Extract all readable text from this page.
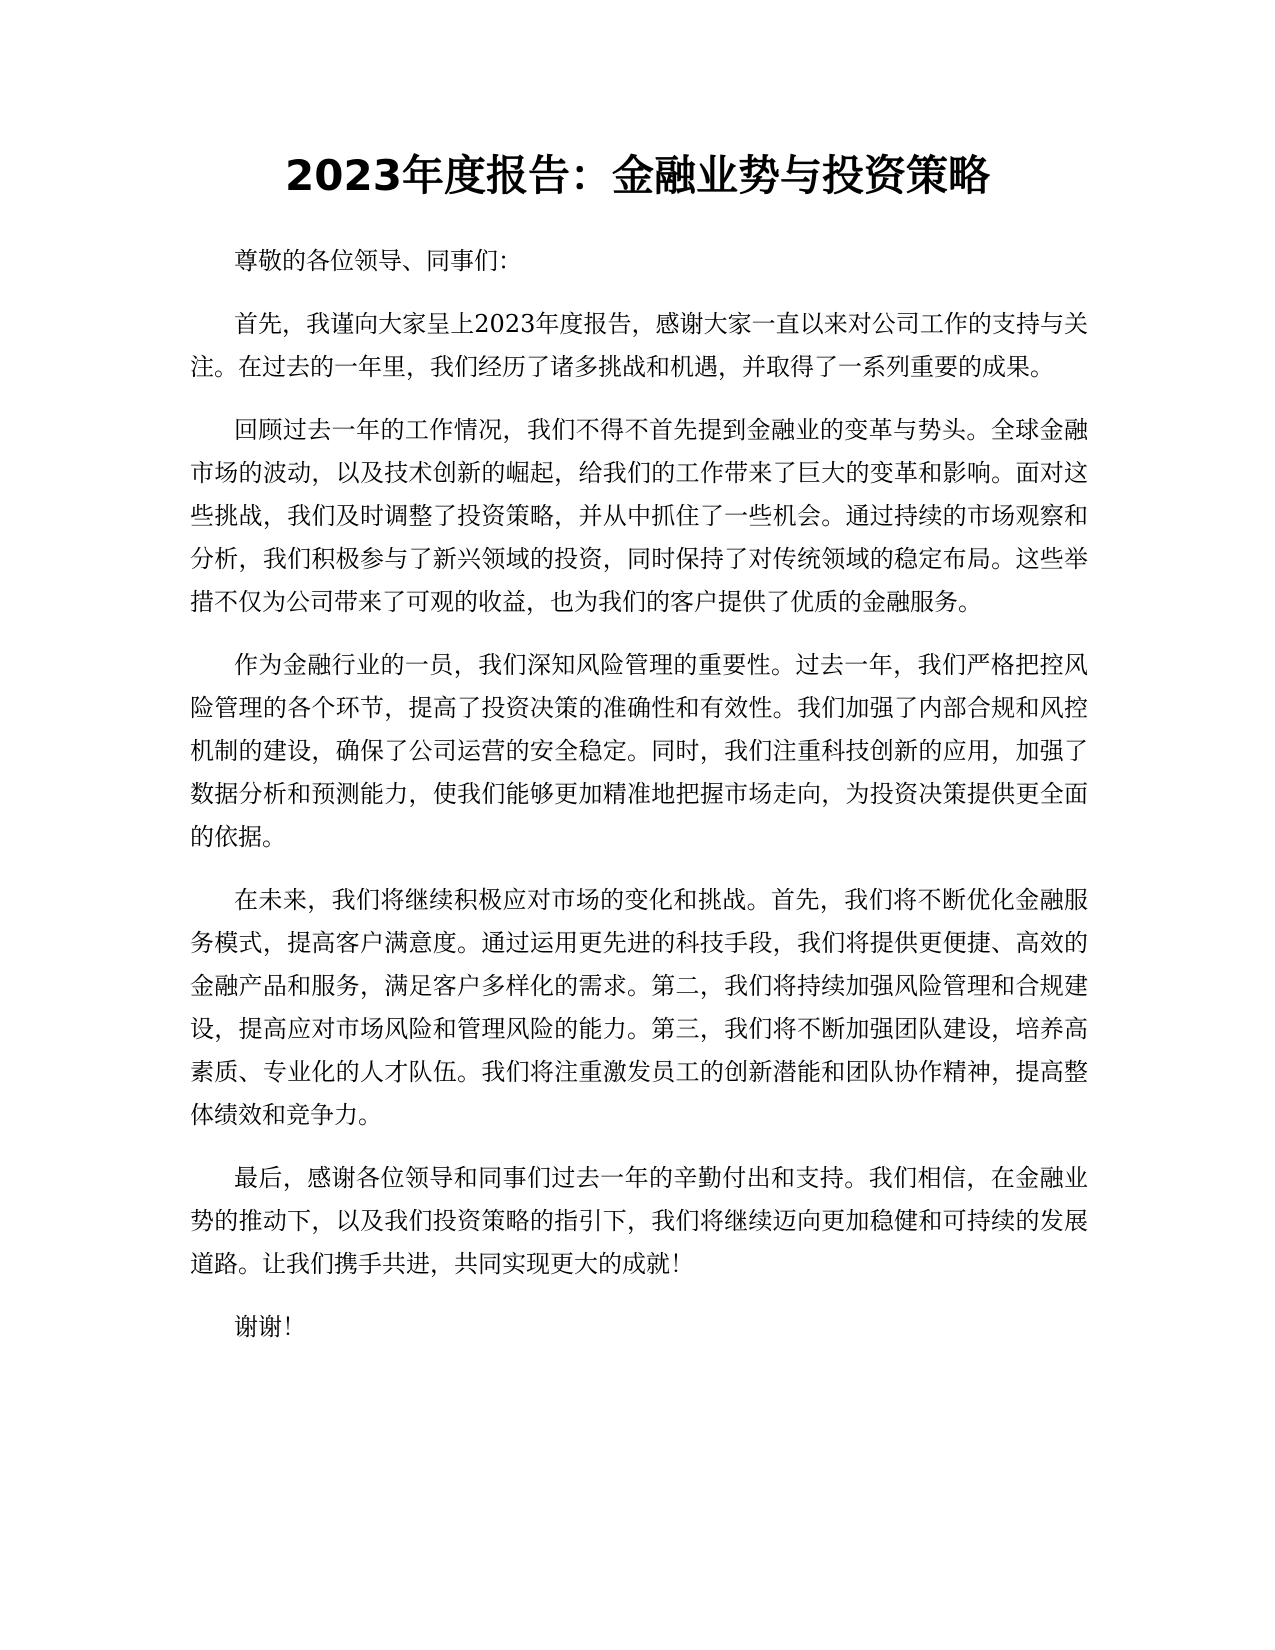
2023年度报告：金融业势与投资策略

尊敬的各位领导、同事们：

首先，我谨向大家呈上2023年度报告，感谢大家一直以来对公司工作的支持与关注。在过去的一年里，我们经历了诸多挑战和机遇，并取得了一系列重要的成果。

回顾过去一年的工作情况，我们不得不首先提到金融业的变革与势头。全球金融市场的波动，以及技术创新的崛起，给我们的工作带来了巨大的变革和影响。面对这些挑战，我们及时调整了投资策略，并从中抓住了一些机会。通过持续的市场观察和分析，我们积极参与了新兴领域的投资，同时保持了对传统领域的稳定布局。这些举措不仅为公司带来了可观的收益，也为我们的客户提供了优质的金融服务。

作为金融行业的一员，我们深知风险管理的重要性。过去一年，我们严格把控风险管理的各个环节，提高了投资决策的准确性和有效性。我们加强了内部合规和风控机制的建设，确保了公司运营的安全稳定。同时，我们注重科技创新的应用，加强了数据分析和预测能力，使我们能够更加精准地把握市场走向，为投资决策提供更全面的依据。

在未来，我们将继续积极应对市场的变化和挑战。首先，我们将不断优化金融服务模式，提高客户满意度。通过运用更先进的科技手段，我们将提供更便捷、高效的金融产品和服务，满足客户多样化的需求。第二，我们将持续加强风险管理和合规建设，提高应对市场风险和管理风险的能力。第三，我们将不断加强团队建设，培养高素质、专业化的人才队伍。我们将注重激发员工的创新潜能和团队协作精神，提高整体绩效和竞争力。

最后，感谢各位领导和同事们过去一年的辛勤付出和支持。我们相信，在金融业势的推动下，以及我们投资策略的指引下，我们将继续迈向更加稳健和可持续的发展道路。让我们携手共进，共同实现更大的成就！

谢谢！
